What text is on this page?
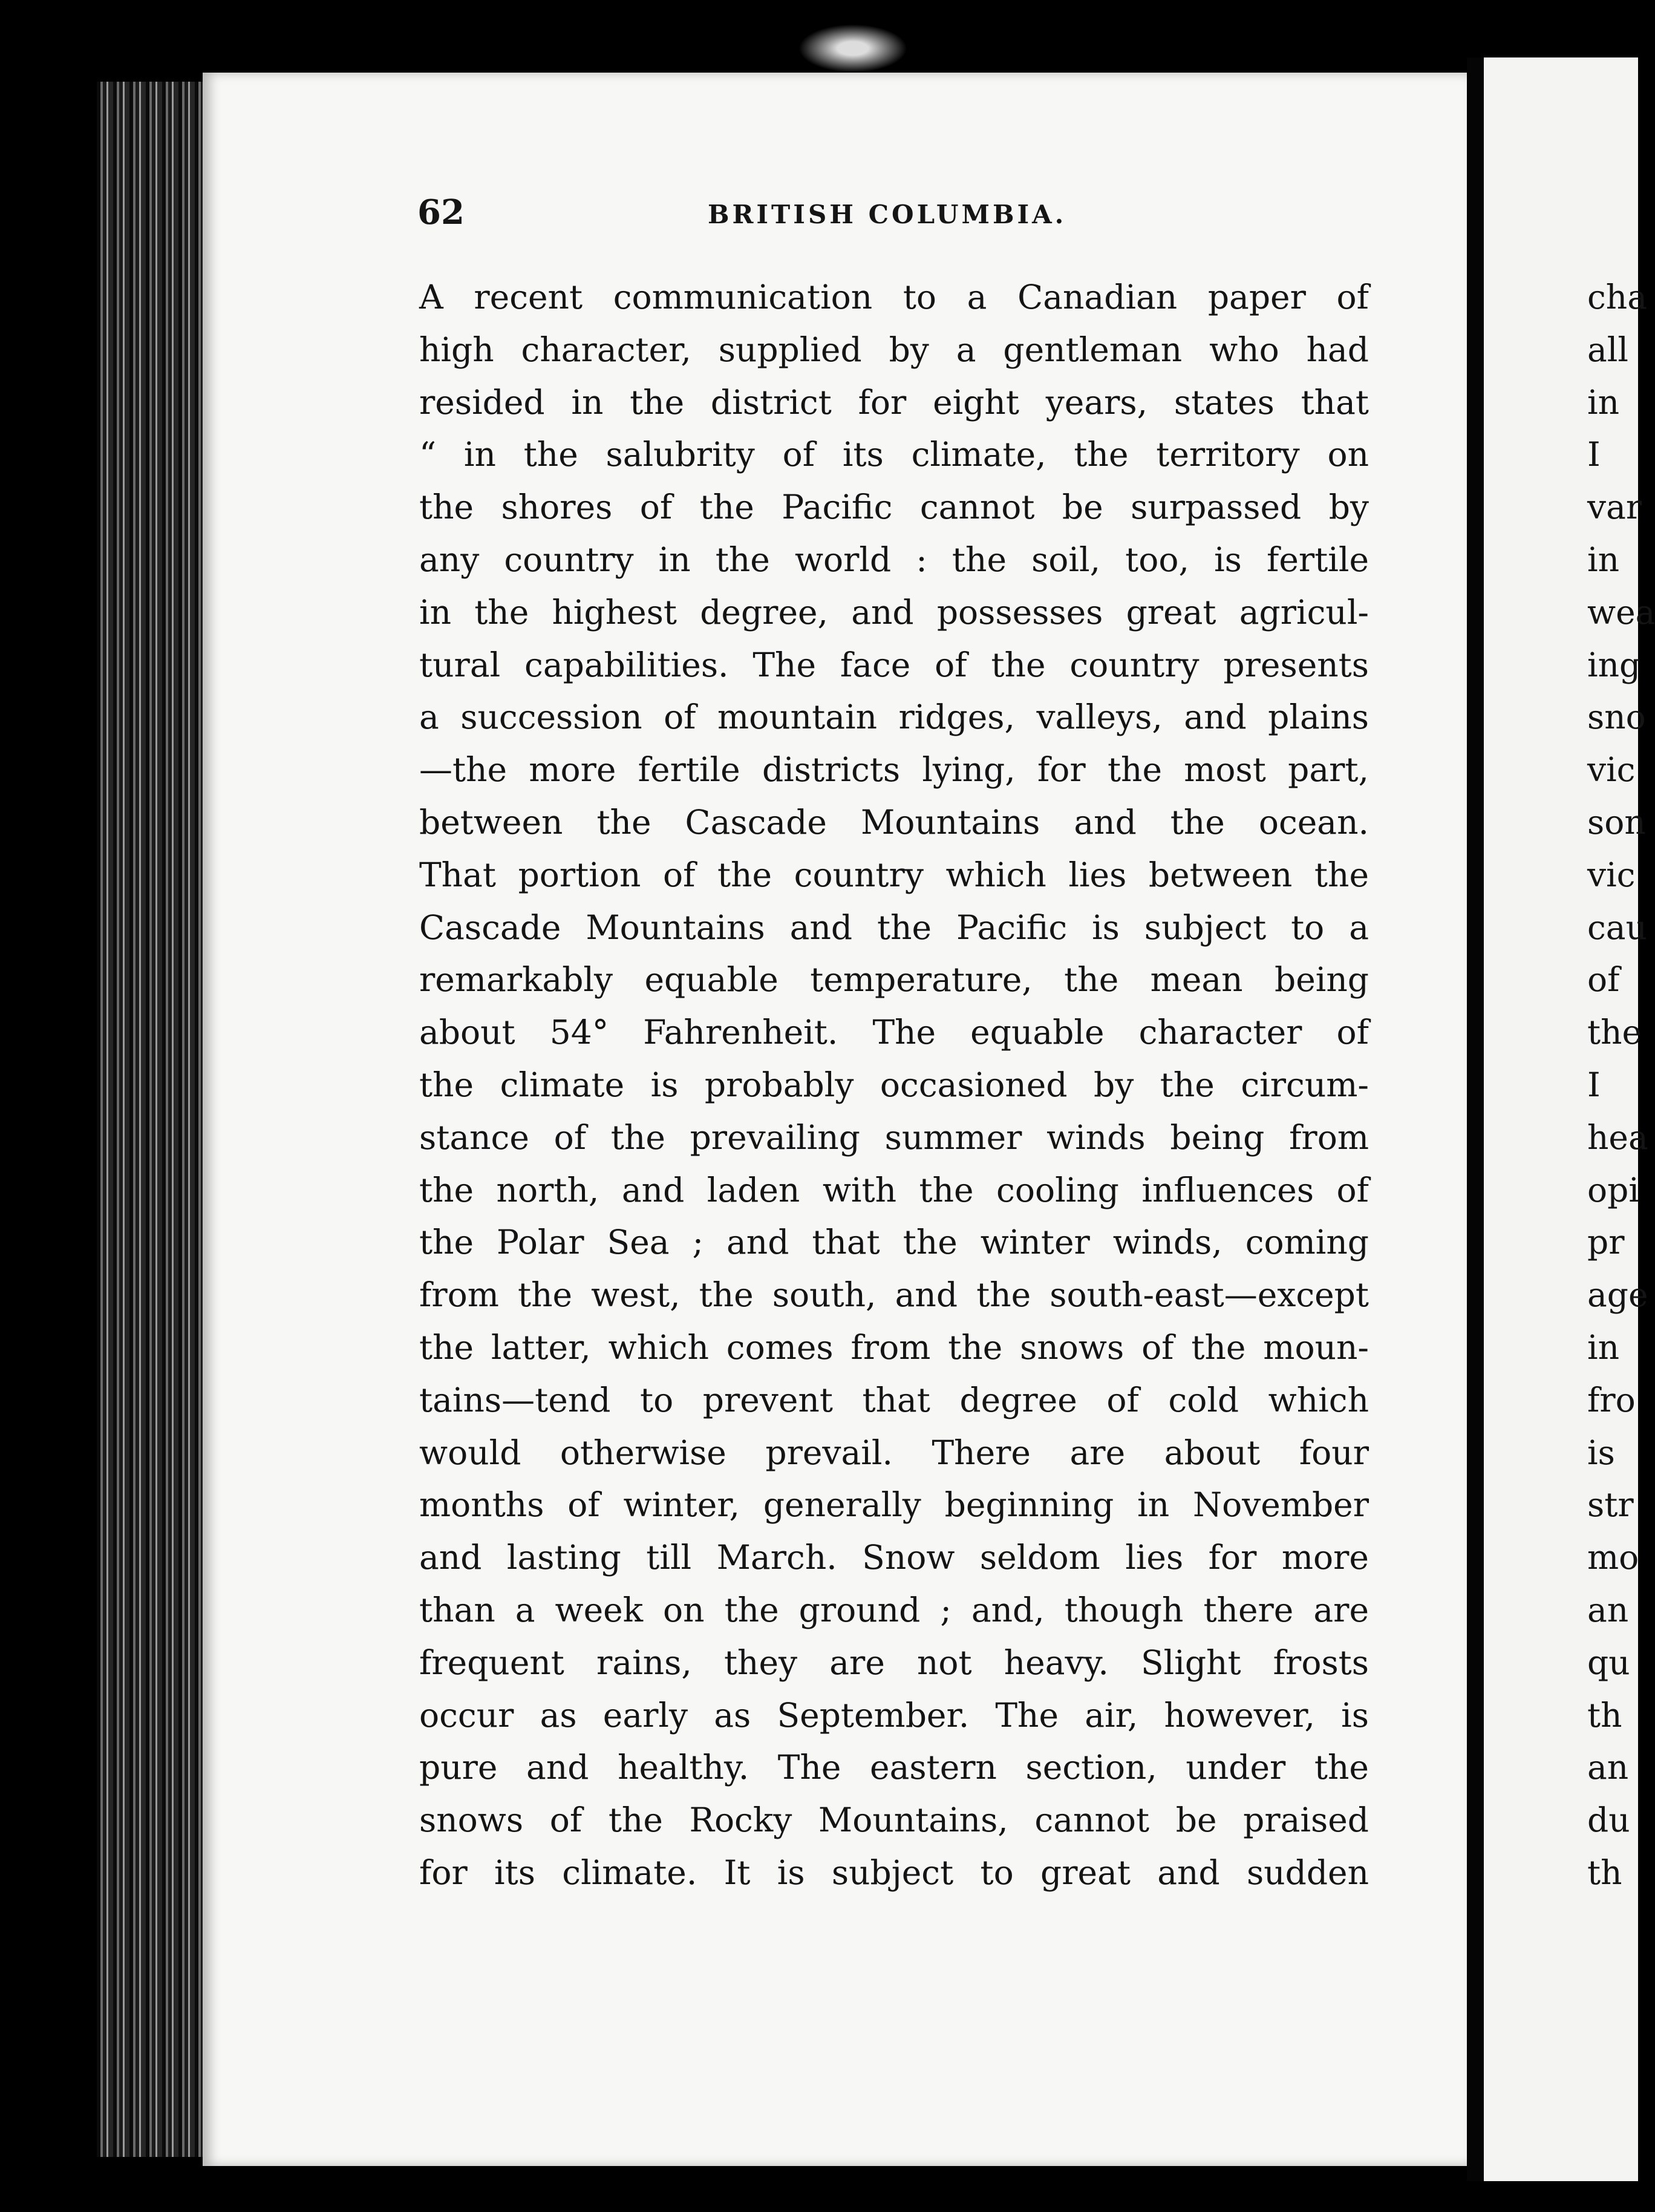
62	BRITISH COLUMBIA.
A recent communication to a Canadian paper of
high character, supplied by a gentleman who had
resided in the district for eight years, states that
“ in the salubrity of its climate, the territory on
the shores of the Pacific cannot be surpassed by
any country in the world : the soil, too, is fertile
in the highest degree, and possesses great agricul-
tural capabilities. The face of the country presents
a succession of mountain ridges, valleys, and plains
—the more fertile districts lying, for the most part,
between the Cascade Mountains and the ocean.
That portion of the country which lies between the
Cascade Mountains and the Pacific is subject to a
remarkably equable temperature, the mean being
about 54° Fahrenheit. The equable character of
the climate is probably occasioned by the circum-
stance of the prevailing summer winds being from
the north, and laden with the cooling influences of
the Polar Sea ; and that the winter winds, coming
from the west, the south, and the south-east—except
the latter, which comes from the snows of the moun-
tains—tend to prevent that degree of cold which
would otherwise prevail. There are about four
months of winter, generally beginning in November
and lasting till March. Snow seldom lies for more
than a week on the ground ; and, though there are
frequent rains, they are not heavy. Slight frosts
occur as early as September. The air, however, is
pure and healthy. The eastern section, under the
snows of the Rocky Mountains, cannot be praised
for its climate. It is subject to great and sudden
cha
all
in
I
var
in
wea
ing
sno
vic
son
vic
cau
of
the
I
hea
opi
pr
age
in
fro
is
str
mo
an
qu
th
an
du
th
